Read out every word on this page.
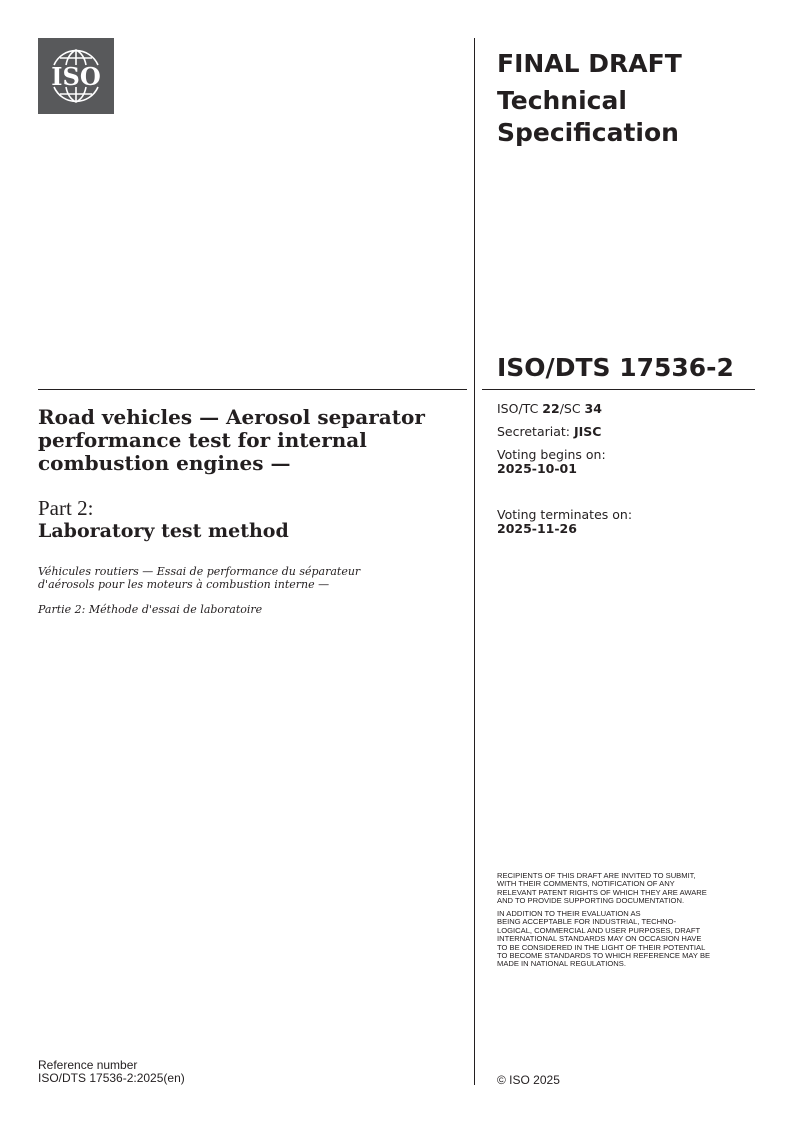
ISO	FINAL DRAFT
Technical Specification
ISO/DTS 17536-2
ISO/TC 22/SC 34
Secretariat: JISC
Voting begins on:
2025-10-01
Voting terminates on:
2025-11-26
Road vehicles — Aerosol separator performance test for internal combustion engines —
Part 2:
Laboratory test method
Véhicules routiers — Essai de performance du séparateur d'aérosols pour les moteurs à combustion interne —
Partie 2: Méthode d'essai de laboratoire
RECIPIENTS OF THIS DRAFT ARE INVITED TO SUBMIT,
WITH THEIR COMMENTS, NOTIFICATION OF ANY
RELEVANT PATENT RIGHTS OF WHICH THEY ARE AWARE
AND TO PROVIDE SUPPORTING DOCUMENTATION.
IN ADDITION TO THEIR EVALUATION AS
BEING ACCEPTABLE FOR INDUSTRIAL, TECHNO-
LOGICAL, COMMERCIAL AND USER PURPOSES, DRAFT
INTERNATIONAL STANDARDS MAY ON OCCASION HAVE
TO BE CONSIDERED IN THE LIGHT OF THEIR POTENTIAL
TO BECOME STANDARDS TO WHICH REFERENCE MAY BE
MADE IN NATIONAL REGULATIONS.
Reference number
ISO/DTS 17536-2:2025(en)	© ISO 2025
